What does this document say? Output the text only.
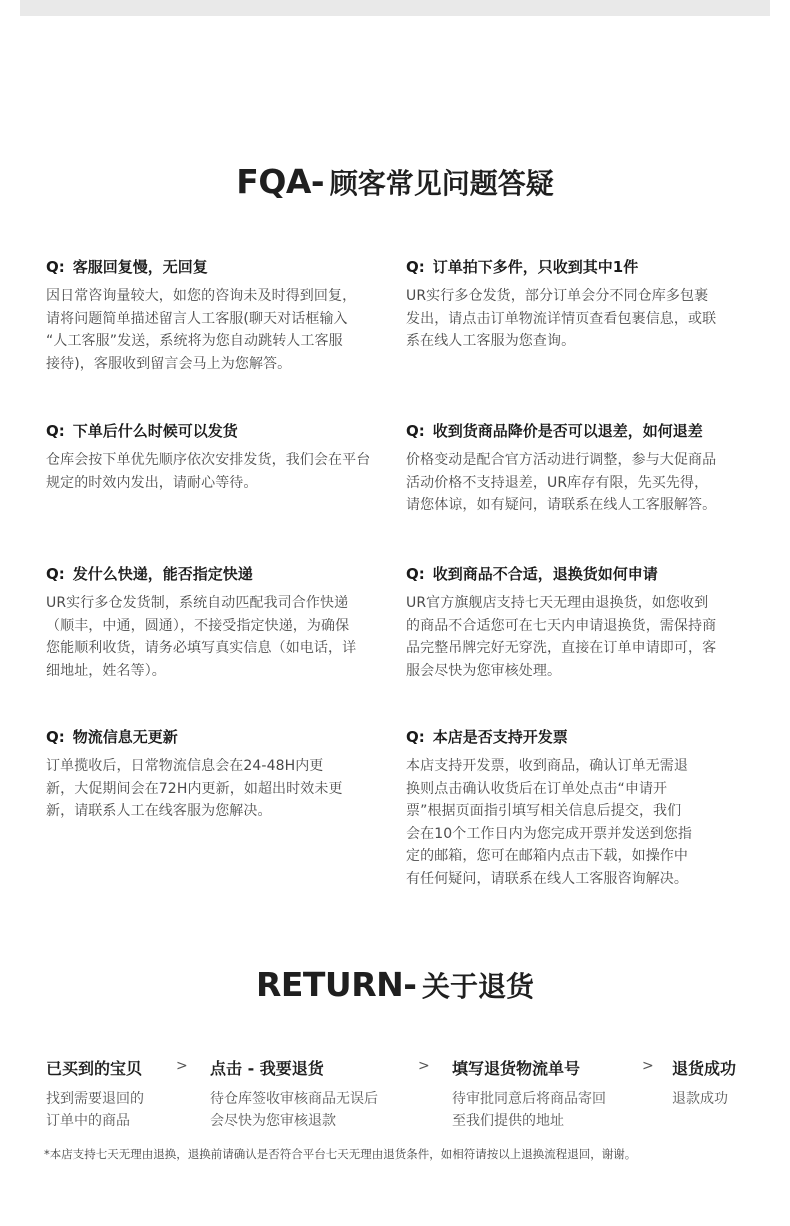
FQA- 顾客常见问题答疑
Q: 客服回复慢，无回复
因日常咨询量较大，如您的咨询未及时得到回复，
请将问题简单描述留言人工客服(聊天对话框输入
“人工客服”发送，系统将为您自动跳转人工客服
接待)，客服收到留言会马上为您解答。
Q: 订单拍下多件，只收到其中1件
UR实行多仓发货，部分订单会分不同仓库多包裹
发出，请点击订单物流详情页查看包裹信息，或联
系在线人工客服为您查询。
Q: 下单后什么时候可以发货
仓库会按下单优先顺序依次安排发货，我们会在平台
规定的时效内发出，请耐心等待。
Q: 收到货商品降价是否可以退差，如何退差
价格变动是配合官方活动进行调整，参与大促商品
活动价格不支持退差，UR库存有限，先买先得，
请您体谅，如有疑问，请联系在线人工客服解答。
Q: 发什么快递，能否指定快递
UR实行多仓发货制，系统自动匹配我司合作快递
（顺丰，中通，圆通），不接受指定快递，为确保
您能顺利收货，请务必填写真实信息（如电话，详
细地址，姓名等）。
Q: 收到商品不合适，退换货如何申请
UR官方旗舰店支持七天无理由退换货，如您收到
的商品不合适您可在七天内申请退换货，需保持商
品完整吊牌完好无穿洗，直接在订单申请即可，客
服会尽快为您审核处理。
Q: 物流信息无更新
订单揽收后，日常物流信息会在24-48H内更
新，大促期间会在72H内更新，如超出时效未更
新，请联系人工在线客服为您解决。
Q: 本店是否支持开发票
本店支持开发票，收到商品，确认订单无需退
换则点击确认收货后在订单处点击“申请开
票”根据页面指引填写相关信息后提交，我们
会在10个工作日内为您完成开票并发送到您指
定的邮箱，您可在邮箱内点击下载，如操作中
有任何疑问，请联系在线人工客服咨询解决。
RETURN- 关于退货
已买到的宝贝
找到需要退回的
订单中的商品
点击 - 我要退货
待仓库签收审核商品无误后
会尽快为您审核退款
填写退货物流单号
待审批同意后将商品寄回
至我们提供的地址
退货成功
退款成功
>	>	>
*本店支持七天无理由退换，退换前请确认是否符合平台七天无理由退货条件，如相符请按以上退换流程退回，谢谢。
